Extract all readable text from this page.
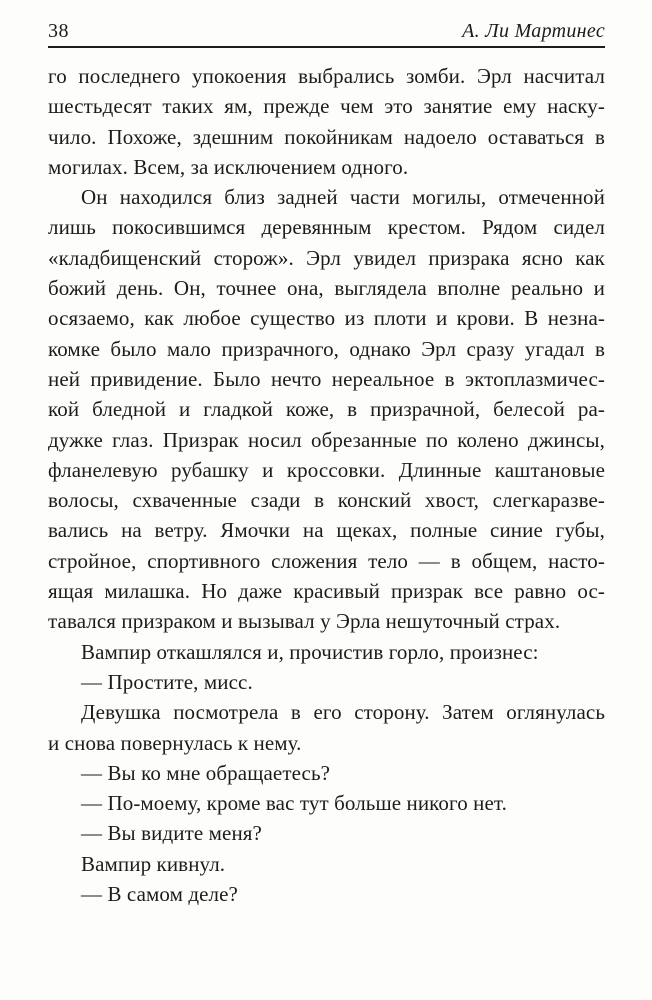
38	А. Ли Мартинес
го последнего упокоения выбрались зомби. Эрл насчитал
шестьдесят таких ям, прежде чем это занятие ему наску-
чило. Похоже, здешним покойникам надоело оставаться в
могилах. Всем, за исключением одного.
Он находился близ задней части могилы, отмеченной
лишь покосившимся деревянным крестом. Рядом сидел
«кладбищенский сторож». Эрл увидел призрака ясно как
божий день. Он, точнее она, выглядела вполне реально и
осязаемо, как любое существо из плоти и крови. В незна-
комке было мало призрачного, однако Эрл сразу угадал в
ней привидение. Было нечто нереальное в эктоплазмичес-
кой бледной и гладкой коже, в призрачной, белесой ра-
дужке глаз. Призрак носил обрезанные по колено джинсы,
фланелевую рубашку и кроссовки. Длинные каштановые
волосы, схваченные сзади в конский хвост, слегкаразве-
вались на ветру. Ямочки на щеках, полные синие губы,
стройное, спортивного сложения тело — в общем, насто-
ящая милашка. Но даже красивый призрак все равно ос-
тавался призраком и вызывал у Эрла нешуточный страх.
Вампир откашлялся и, прочистив горло, произнес:
— Простите, мисс.
Девушка посмотрела в его сторону. Затем оглянулась
и снова повернулась к нему.
— Вы ко мне обращаетесь?
— По-моему, кроме вас тут больше никого нет.
— Вы видите меня?
Вампир кивнул.
— В самом деле?
